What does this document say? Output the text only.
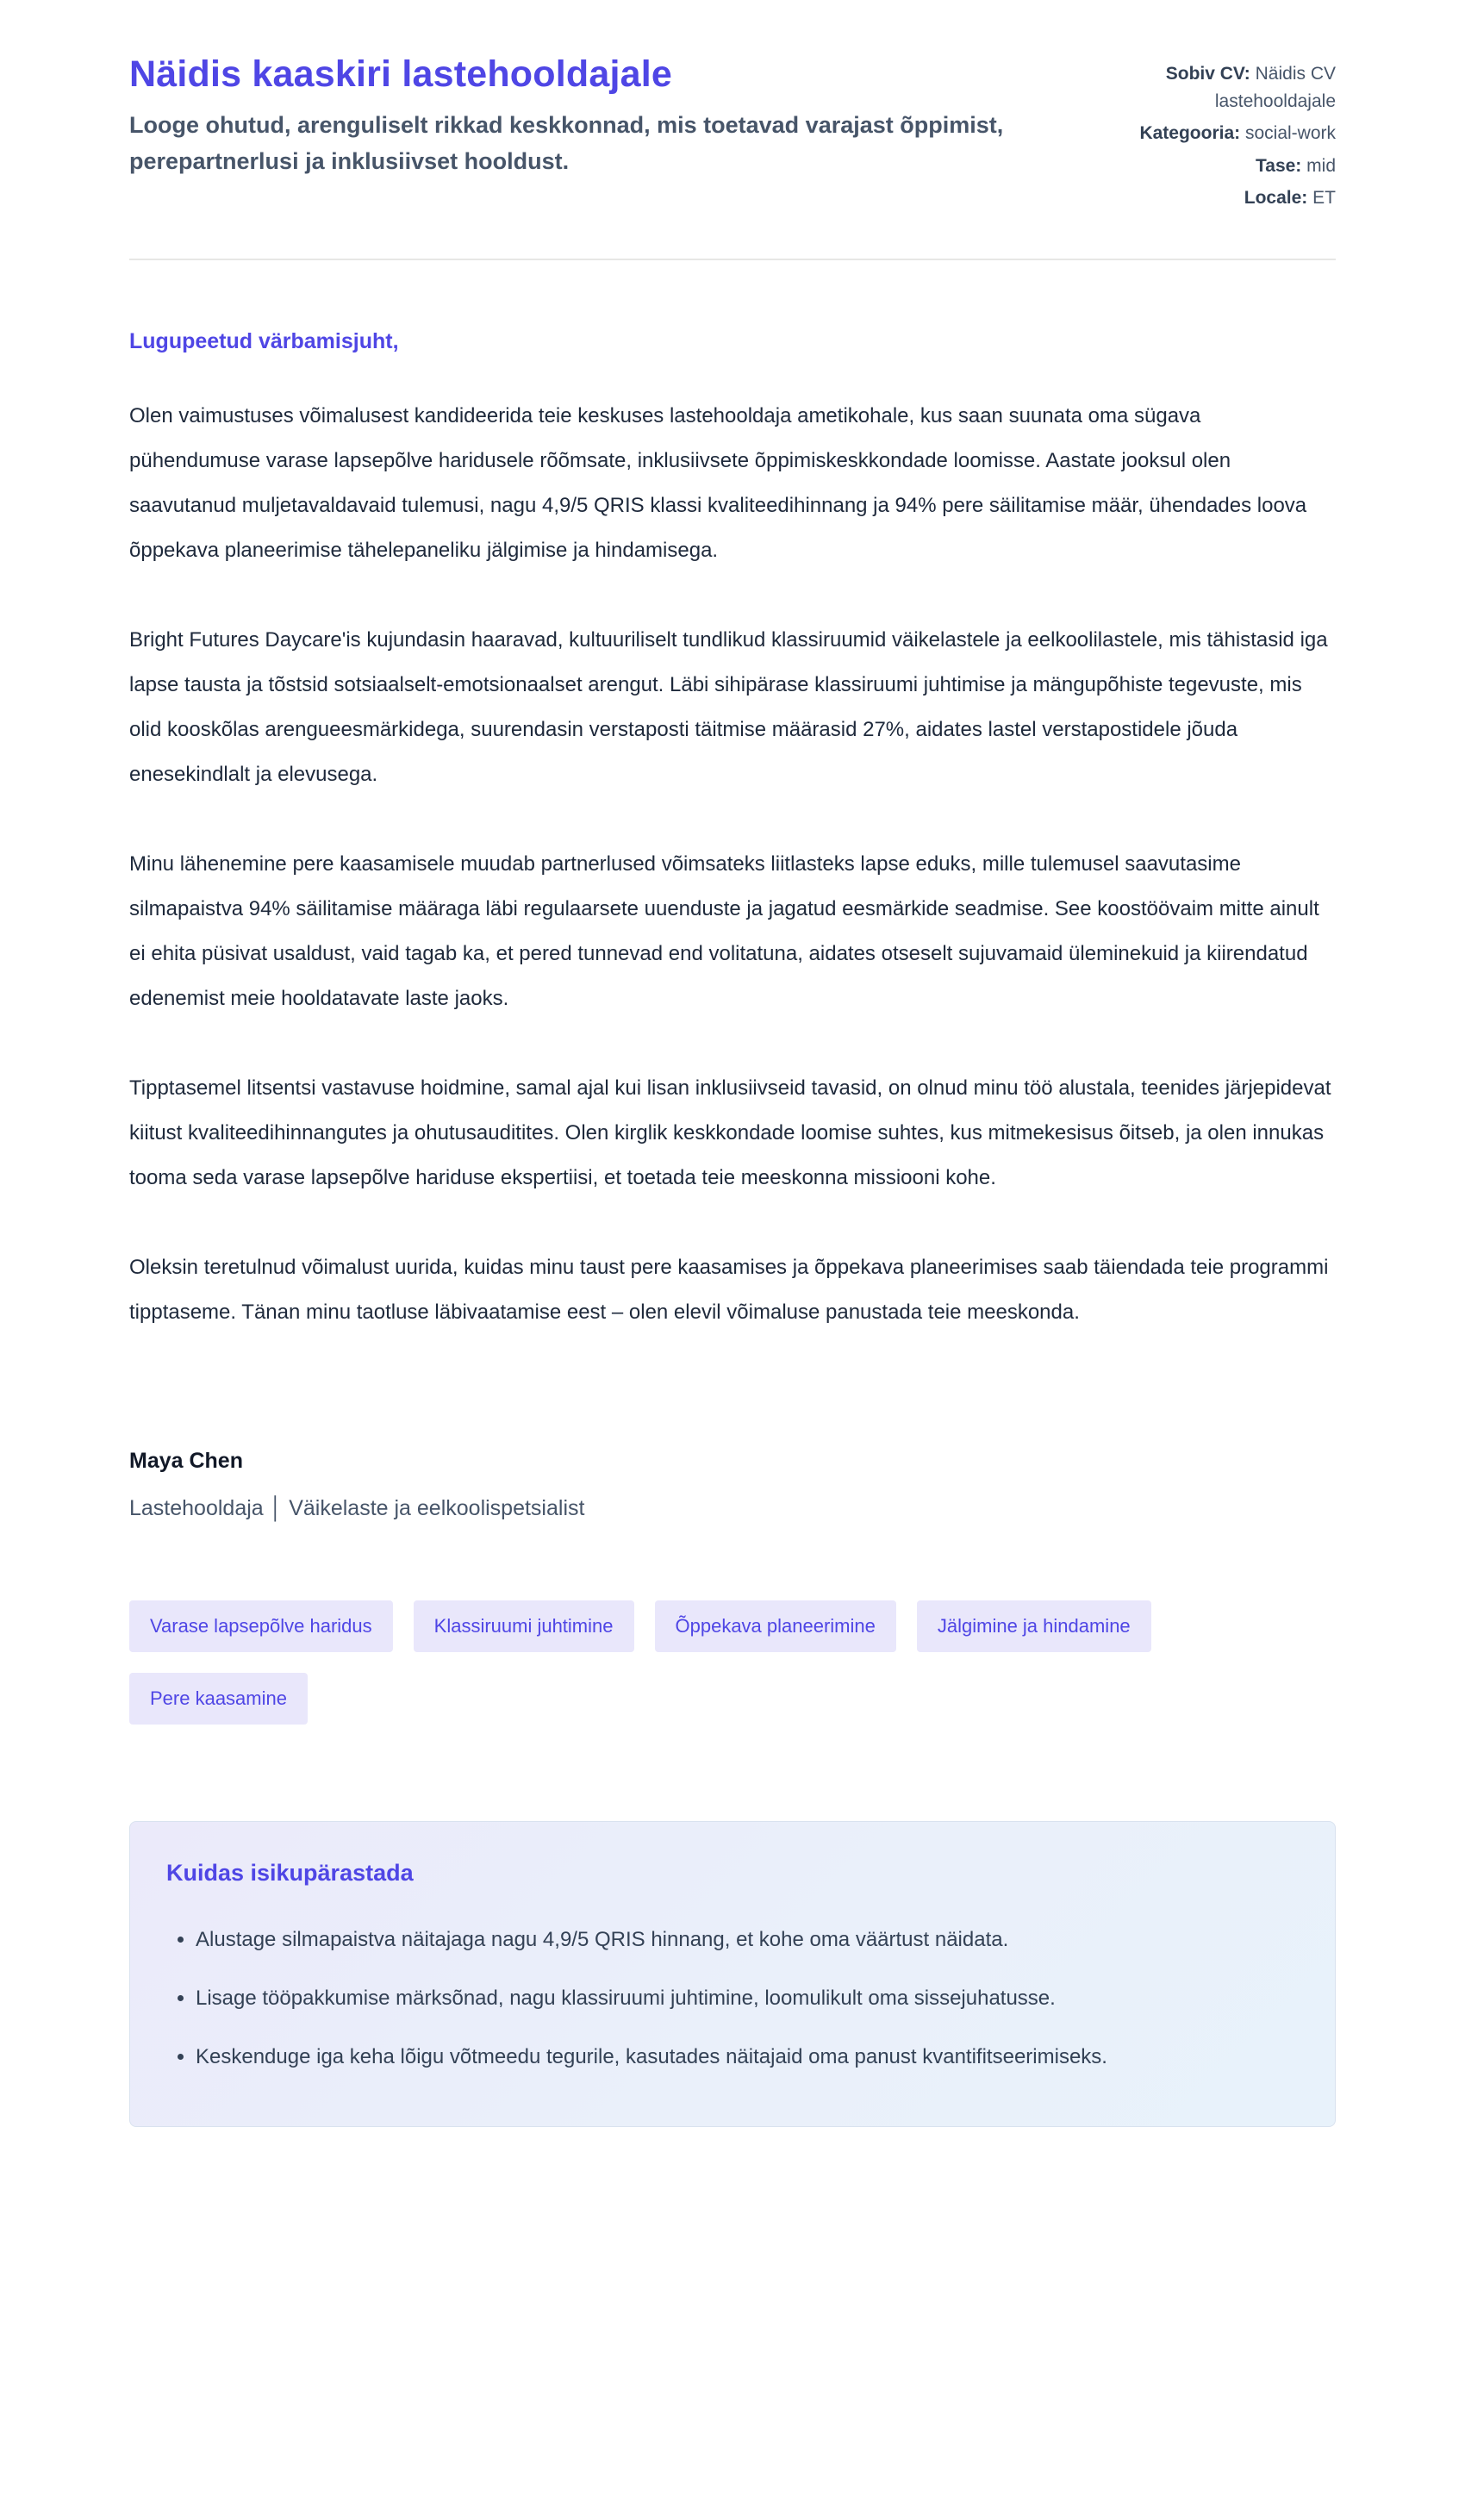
Näidis kaaskiri lastehooldajale
Looge ohutud, arenguliselt rikkad keskkonnad, mis toetavad varajast õppimist, perepartnerlusi ja inklusiivset hooldust.
Sobiv CV: Näidis CV lastehooldajale
Kategooria: social-work
Tase: mid
Locale: ET
Lugupeetud värbamisjuht,

Olen vaimustuses võimalusest kandideerida teie keskuses lastehooldaja ametikohale, kus saan suunata oma sügava pühendumuse varase lapsepõlve haridusele rõõmsate, inklusiivsete õppimiskeskkondade loomisse. Aastate jooksul olen saavutanud muljetavaldavaid tulemusi, nagu 4,9/5 QRIS klassi kvaliteedihinnang ja 94% pere säilitamise määr, ühendades loova õppekava planeerimise tähelepaneliku jälgimise ja hindamisega.

Bright Futures Daycare'is kujundasin haaravad, kultuuriliselt tundlikud klassiruumid väikelastele ja eelkoolilastele, mis tähistasid iga lapse tausta ja tõstsid sotsiaalselt-emotsionaalset arengut. Läbi sihipärase klassiruumi juhtimise ja mängupõhiste tegevuste, mis olid kooskõlas arengueesmärkidega, suurendasin verstaposti täitmise määrasid 27%, aidates lastel verstapostidele jõuda enesekindlalt ja elevusega.

Minu lähenemine pere kaasamisele muudab partnerlused võimsateks liitlasteks lapse eduks, mille tulemusel saavutasime silmapaistva 94% säilitamise määraga läbi regulaarsete uuenduste ja jagatud eesmärkide seadmise. See koostöövaim mitte ainult ei ehita püsivat usaldust, vaid tagab ka, et pered tunnevad end volitatuna, aidates otseselt sujuvamaid üleminekuid ja kiirendatud edenemist meie hooldatavate laste jaoks.

Tipptasemel litsentsi vastavuse hoidmine, samal ajal kui lisan inklusiivseid tavasid, on olnud minu töö alustala, teenides järjepidevat kiitust kvaliteedihinnangutes ja ohutusauditites. Olen kirglik keskkondade loomise suhtes, kus mitmekesisus õitseb, ja olen innukas tooma seda varase lapsepõlve hariduse ekspertiisi, et toetada teie meeskonna missiooni kohe.

Oleksin teretulnud võimalust uurida, kuidas minu taust pere kaasamises ja õppekava planeerimises saab täiendada teie programmi tipptaseme. Tänan minu taotluse läbivaatamise eest – olen elevil võimaluse panustada teie meeskonda.

Maya Chen
Lastehooldaja │ Väikelaste ja eelkoolispetsialist
Varase lapsepõlve haridus	Klassiruumi juhtimine	Õppekava planeerimine	Jälgimine ja hindamine
Pere kaasamine
Kuidas isikupärastada
• Alustage silmapaistva näitajaga nagu 4,9/5 QRIS hinnang, et kohe oma väärtust näidata.
• Lisage tööpakkumise märksõnad, nagu klassiruumi juhtimine, loomulikult oma sissejuhatusse.
• Keskenduge iga keha lõigu võtmeedu tegurile, kasutades näitajaid oma panust kvantifitseerimiseks.
